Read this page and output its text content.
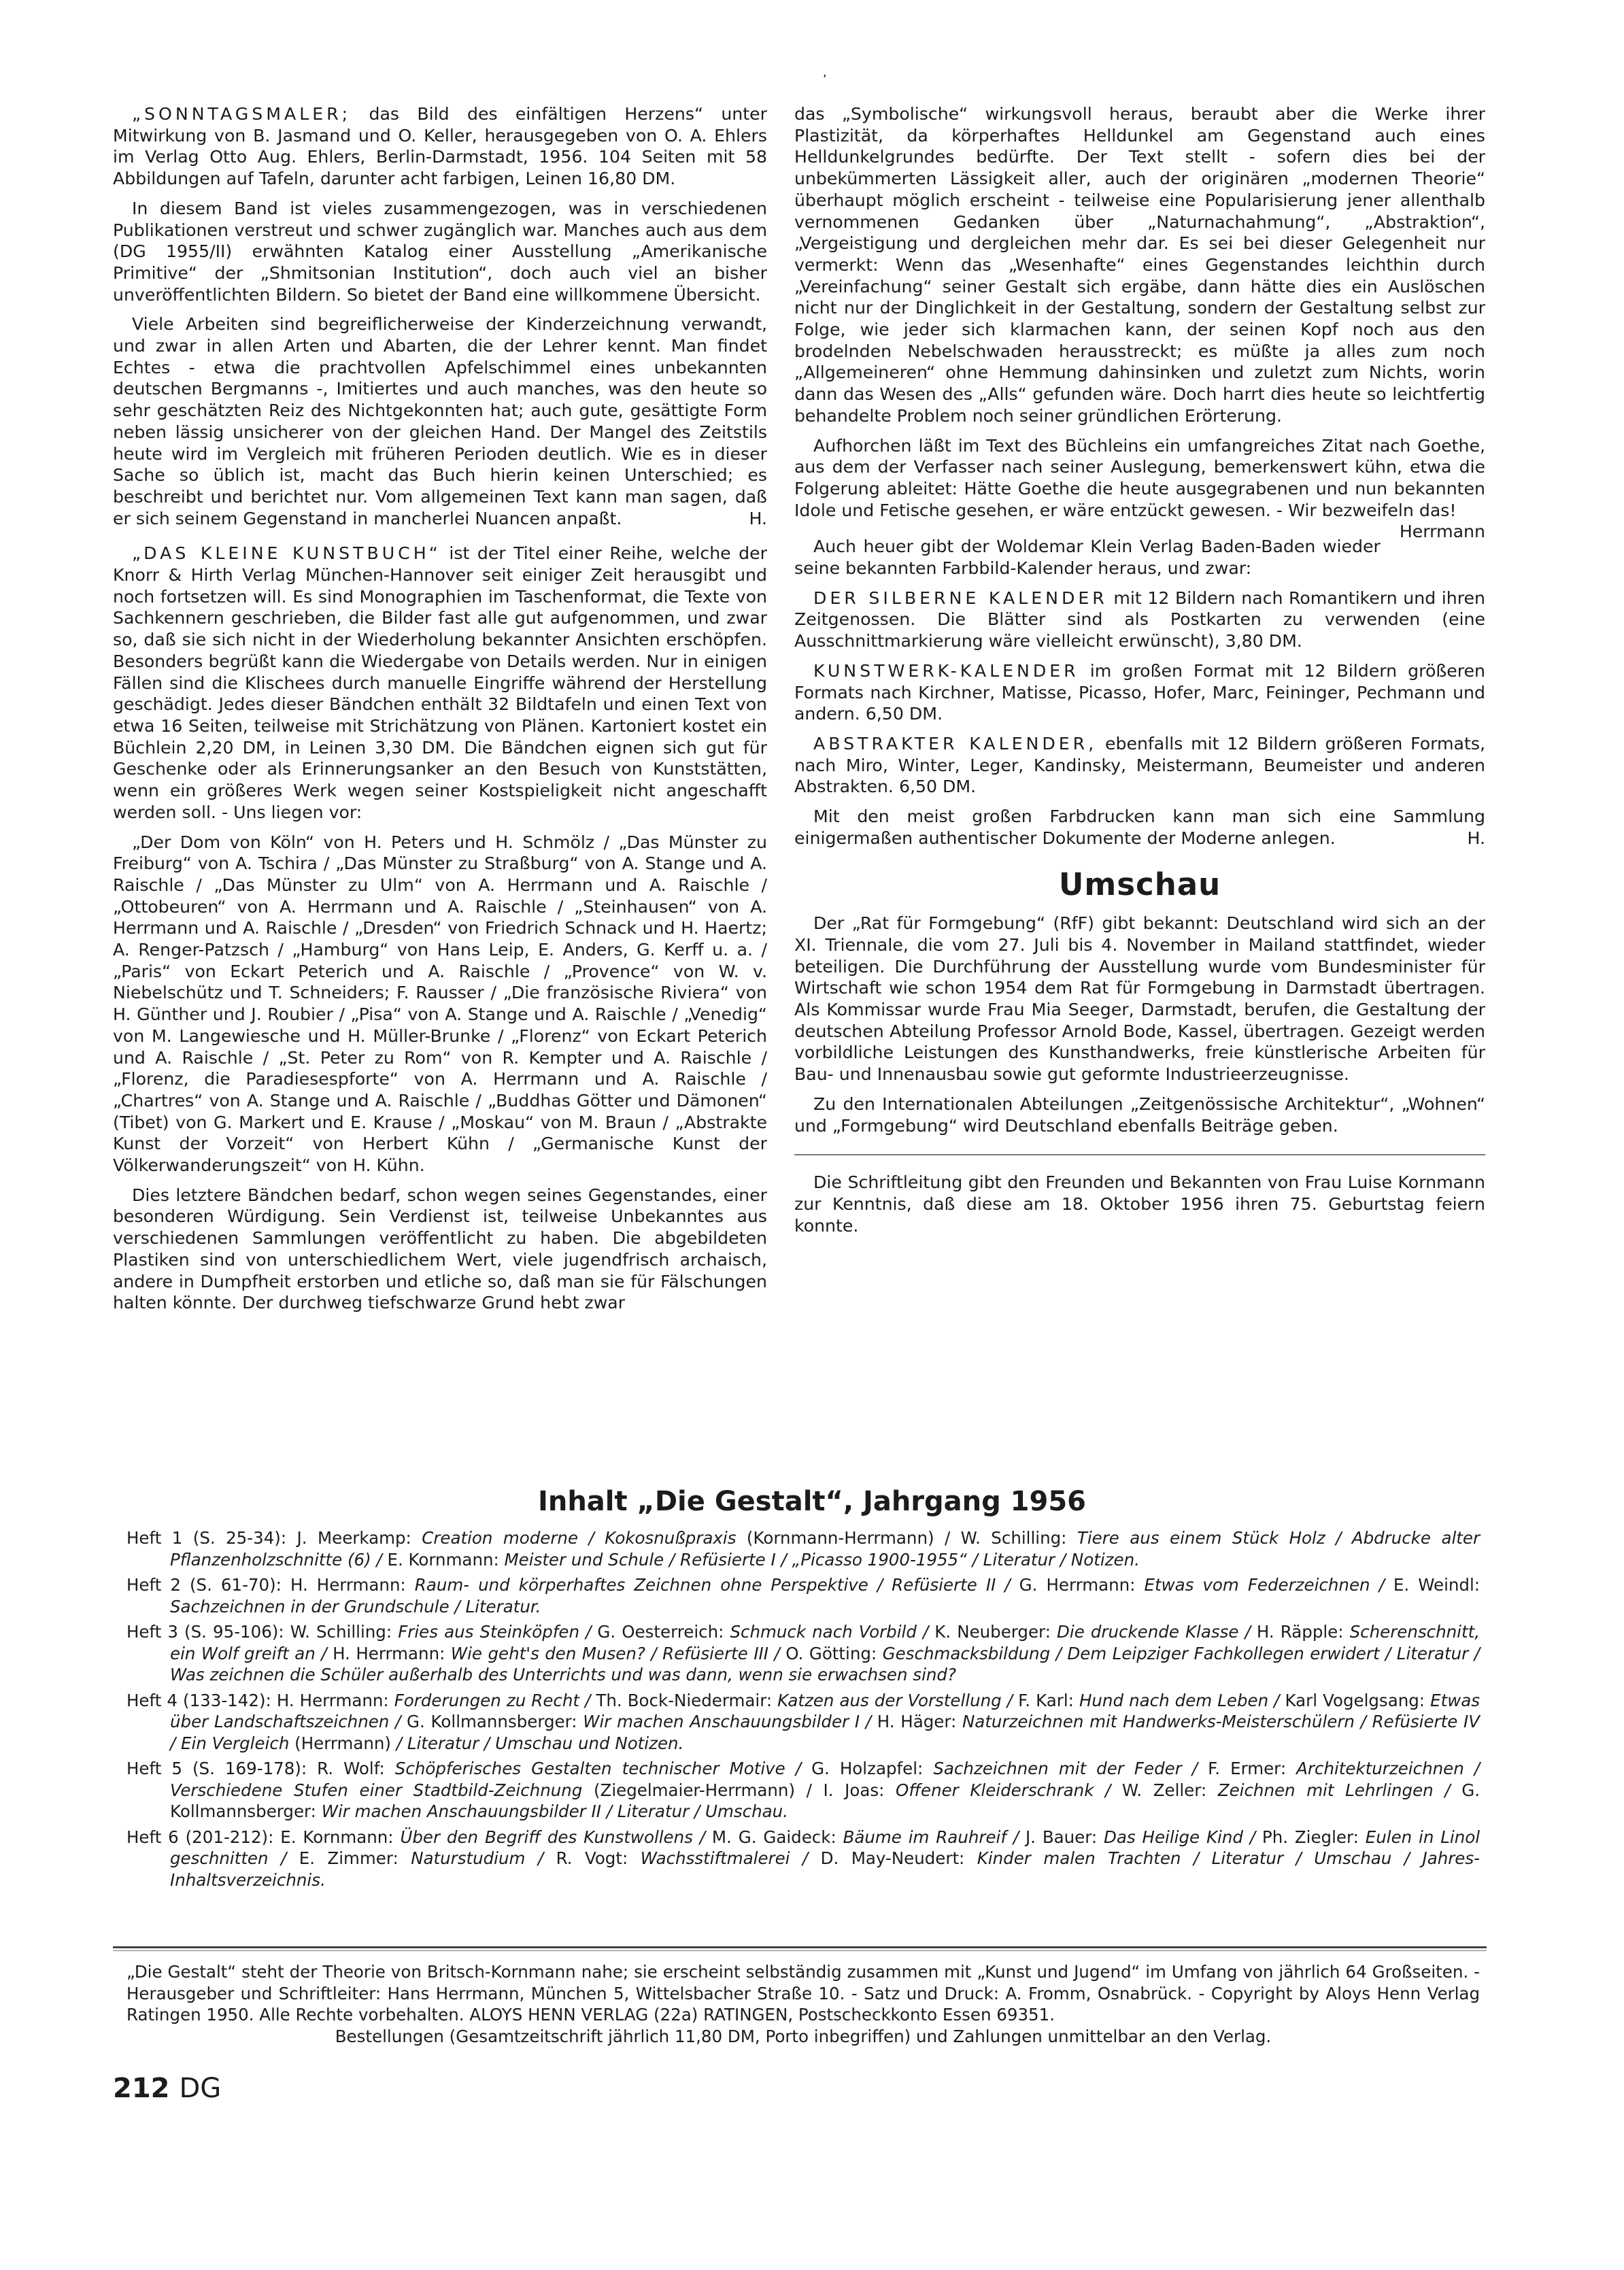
,

„SONNTAGSMALER; das Bild des einfältigen Herzens“ unter Mitwirkung von B. Jasmand und O. Keller, herausgegeben von O. A. Ehlers im Verlag Otto Aug. Ehlers, Berlin-Darmstadt, 1956. 104 Seiten mit 58 Abbildungen auf Tafeln, darunter acht farbigen, Leinen 16,80 DM.

In diesem Band ist vieles zusammengezogen, was in verschiedenen Publikationen verstreut und schwer zugänglich war. Manches auch aus dem (DG 1955/II) erwähnten Katalog einer Ausstellung „Amerikanische Primitive“ der „Shmitsonian Institution“, doch auch viel an bisher unveröffentlichten Bildern. So bietet der Band eine willkommene Übersicht.

Viele Arbeiten sind begreiflicherweise der Kinderzeichnung verwandt, und zwar in allen Arten und Abarten, die der Lehrer kennt. Man findet Echtes - etwa die prachtvollen Apfelschimmel eines unbekannten deutschen Bergmanns -, Imitiertes und auch manches, was den heute so sehr geschätzten Reiz des Nichtgekonnten hat; auch gute, gesättigte Form neben lässig unsicherer von der gleichen Hand. Der Mangel des Zeitstils heute wird im Vergleich mit früheren Perioden deutlich. Wie es in dieser Sache so üblich ist, macht das Buch hierin keinen Unterschied; es beschreibt und berichtet nur. Vom allgemeinen Text kann man sagen, daß er sich seinem Gegenstand in mancherlei Nuancen anpaßt.	H.

„DAS KLEINE KUNSTBUCH“ ist der Titel einer Reihe, welche der Knorr & Hirth Verlag München-Hannover seit einiger Zeit herausgibt und noch fortsetzen will. Es sind Monographien im Taschenformat, die Texte von Sachkennern geschrieben, die Bilder fast alle gut aufgenommen, und zwar so, daß sie sich nicht in der Wiederholung bekannter Ansichten erschöpfen. Besonders begrüßt kann die Wiedergabe von Details werden. Nur in einigen Fällen sind die Klischees durch manuelle Eingriffe während der Herstellung geschädigt. Jedes dieser Bändchen enthält 32 Bildtafeln und einen Text von etwa 16 Seiten, teilweise mit Strichätzung von Plänen. Kartoniert kostet ein Büchlein 2,20 DM, in Leinen 3,30 DM. Die Bändchen eignen sich gut für Geschenke oder als Erinnerungsanker an den Besuch von Kunststätten, wenn ein größeres Werk wegen seiner Kostspieligkeit nicht angeschafft werden soll. - Uns liegen vor:

„Der Dom von Köln“ von H. Peters und H. Schmölz / „Das Münster zu Freiburg“ von A. Tschira / „Das Münster zu Straßburg“ von A. Stange und A. Raischle / „Das Münster zu Ulm“ von A. Herrmann und A. Raischle / „Ottobeuren“ von A. Herrmann und A. Raischle / „Steinhausen“ von A. Herrmann und A. Raischle / „Dresden“ von Friedrich Schnack und H. Haertz; A. Renger-Patzsch / „Hamburg“ von Hans Leip, E. Anders, G. Kerff u. a. / „Paris“ von Eckart Peterich und A. Raischle / „Provence“ von W. v. Niebelschütz und T. Schneiders; F. Rausser / „Die französische Riviera“ von H. Günther und J. Roubier / „Pisa“ von A. Stange und A. Raischle / „Venedig“ von M. Langewiesche und H. Müller-Brunke / „Florenz“ von Eckart Peterich und A. Raischle / „St. Peter zu Rom“ von R. Kempter und A. Raischle / „Florenz, die Paradiesespforte“ von A. Herrmann und A. Raischle / „Chartres“ von A. Stange und A. Raischle / „Buddhas Götter und Dämonen“ (Tibet) von G. Markert und E. Krause / „Moskau“ von M. Braun / „Abstrakte Kunst der Vorzeit“ von Herbert Kühn / „Germanische Kunst der Völkerwanderungszeit“ von H. Kühn.

Dies letztere Bändchen bedarf, schon wegen seines Gegenstandes, einer besonderen Würdigung. Sein Verdienst ist, teilweise Unbekanntes aus verschiedenen Sammlungen veröffentlicht zu haben. Die abgebildeten Plastiken sind von unterschiedlichem Wert, viele jugendfrisch archaisch, andere in Dumpfheit erstorben und etliche so, daß man sie für Fälschungen halten könnte. Der durchweg tiefschwarze Grund hebt zwar

das „Symbolische“ wirkungsvoll heraus, beraubt aber die Werke ihrer Plastizität, da körperhaftes Helldunkel am Gegenstand auch eines Helldunkelgrundes bedürfte. Der Text stellt - sofern dies bei der unbekümmerten Lässigkeit aller, auch der originären „modernen Theorie“ überhaupt möglich erscheint - teilweise eine Popularisierung jener allenthalb vernommenen Gedanken über „Naturnachahmung“, „Abstraktion“, „Vergeistigung und dergleichen mehr dar. Es sei bei dieser Gelegenheit nur vermerkt: Wenn das „Wesenhafte“ eines Gegenstandes leichthin durch „Vereinfachung“ seiner Gestalt sich ergäbe, dann hätte dies ein Auslöschen nicht nur der Dinglichkeit in der Gestaltung, sondern der Gestaltung selbst zur Folge, wie jeder sich klarmachen kann, der seinen Kopf noch aus den brodelnden Nebelschwaden herausstreckt; es müßte ja alles zum noch „Allgemeineren“ ohne Hemmung dahinsinken und zuletzt zum Nichts, worin dann das Wesen des „Alls“ gefunden wäre. Doch harrt dies heute so leichtfertig behandelte Problem noch seiner gründlichen Erörterung.

Aufhorchen läßt im Text des Büchleins ein umfangreiches Zitat nach Goethe, aus dem der Verfasser nach seiner Auslegung, bemerkenswert kühn, etwa die Folgerung ableitet: Hätte Goethe die heute ausgegrabenen und nun bekannten Idole und Fetische gesehen, er wäre entzückt gewesen. - Wir bezweifeln das!
Herrmann

Auch heuer gibt der Woldemar Klein Verlag Baden-Baden wieder seine bekannten Farbbild-Kalender heraus, und zwar:

DER SILBERNE KALENDER mit 12 Bildern nach Romantikern und ihren Zeitgenossen. Die Blätter sind als Postkarten zu verwenden (eine Ausschnittmarkierung wäre vielleicht erwünscht), 3,80 DM.

KUNSTWERK-KALENDER im großen Format mit 12 Bildern größeren Formats nach Kirchner, Matisse, Picasso, Hofer, Marc, Feininger, Pechmann und andern. 6,50 DM.

ABSTRAKTER KALENDER, ebenfalls mit 12 Bildern größeren Formats, nach Miro, Winter, Leger, Kandinsky, Meistermann, Beumeister und anderen Abstrakten. 6,50 DM.

Mit den meist großen Farbdrucken kann man sich eine Sammlung einigermaßen authentischer Dokumente der Moderne anlegen.	H.

Umschau

Der „Rat für Formgebung“ (RfF) gibt bekannt: Deutschland wird sich an der XI. Triennale, die vom 27. Juli bis 4. November in Mailand stattfindet, wieder beteiligen. Die Durchführung der Ausstellung wurde vom Bundesminister für Wirtschaft wie schon 1954 dem Rat für Formgebung in Darmstadt übertragen. Als Kommissar wurde Frau Mia Seeger, Darmstadt, berufen, die Gestaltung der deutschen Abteilung Professor Arnold Bode, Kassel, übertragen. Gezeigt werden vorbildliche Leistungen des Kunsthandwerks, freie künstlerische Arbeiten für Bau- und Innenausbau sowie gut geformte Industrieerzeugnisse.

Zu den Internationalen Abteilungen „Zeitgenössische Architektur“, „Wohnen“ und „Formgebung“ wird Deutschland ebenfalls Beiträge geben.

Die Schriftleitung gibt den Freunden und Bekannten von Frau Luise Kornmann zur Kenntnis, daß diese am 18. Oktober 1956 ihren 75. Geburtstag feiern konnte.

Inhalt „Die Gestalt“, Jahrgang 1956
Heft 1 (S. 25-34): J. Meerkamp: Creation moderne / Kokosnußpraxis (Kornmann-Herrmann) / W. Schilling: Tiere aus einem Stück Holz / Abdrucke alter Pflanzenholzschnitte (6) / E. Kornmann: Meister und Schule / Refüsierte I / „Picasso 1900-1955“ / Literatur / Notizen.
Heft 2 (S. 61-70): H. Herrmann: Raum- und körperhaftes Zeichnen ohne Perspektive / Refüsierte II / G. Herrmann: Etwas vom Federzeichnen / E. Weindl: Sachzeichnen in der Grundschule / Literatur.
Heft 3 (S. 95-106): W. Schilling: Fries aus Steinköpfen / G. Oesterreich: Schmuck nach Vorbild / K. Neuberger: Die druckende Klasse / H. Räpple: Scherenschnitt, ein Wolf greift an / H. Herrmann: Wie geht's den Musen? / Refüsierte III / O. Götting: Geschmacksbildung / Dem Leipziger Fachkollegen erwidert / Literatur / Was zeichnen die Schüler außerhalb des Unterrichts und was dann, wenn sie erwachsen sind?
Heft 4 (133-142): H. Herrmann: Forderungen zu Recht / Th. Bock-Niedermair: Katzen aus der Vorstellung / F. Karl: Hund nach dem Leben / Karl Vogelgsang: Etwas über Landschaftszeichnen / G. Kollmannsberger: Wir machen Anschauungsbilder I / H. Häger: Naturzeichnen mit Handwerks-Meisterschülern / Refüsierte IV / Ein Vergleich (Herrmann) / Literatur / Umschau und Notizen.
Heft 5 (S. 169-178): R. Wolf: Schöpferisches Gestalten technischer Motive / G. Holzapfel: Sachzeichnen mit der Feder / F. Ermer: Architekturzeichnen / Verschiedene Stufen einer Stadtbild-Zeichnung (Ziegelmaier-Herrmann) / I. Joas: Offener Kleiderschrank / W. Zeller: Zeichnen mit Lehrlingen / G. Kollmannsberger: Wir machen Anschauungsbilder II / Literatur / Umschau.
Heft 6 (201-212): E. Kornmann: Über den Begriff des Kunstwollens / M. G. Gaideck: Bäume im Rauhreif / J. Bauer: Das Heilige Kind / Ph. Ziegler: Eulen in Linol geschnitten / E. Zimmer: Naturstudium / R. Vogt: Wachsstiftmalerei / D. May-Neudert: Kinder malen Trachten / Literatur / Umschau / Jahres-Inhaltsverzeichnis.
„Die Gestalt“ steht der Theorie von Britsch-Kornmann nahe; sie erscheint selbständig zusammen mit „Kunst und Jugend“ im Umfang von jährlich 64 Großseiten. - Herausgeber und Schriftleiter: Hans Herrmann, München 5, Wittelsbacher Straße 10. - Satz und Druck: A. Fromm, Osnabrück. - Copyright by Aloys Henn Verlag Ratingen 1950. Alle Rechte vorbehalten. ALOYS HENN VERLAG (22a) RATINGEN, Postscheckkonto Essen 69351.
Bestellungen (Gesamtzeitschrift jährlich 11,80 DM, Porto inbegriffen) und Zahlungen unmittelbar an den Verlag.
212 DG
